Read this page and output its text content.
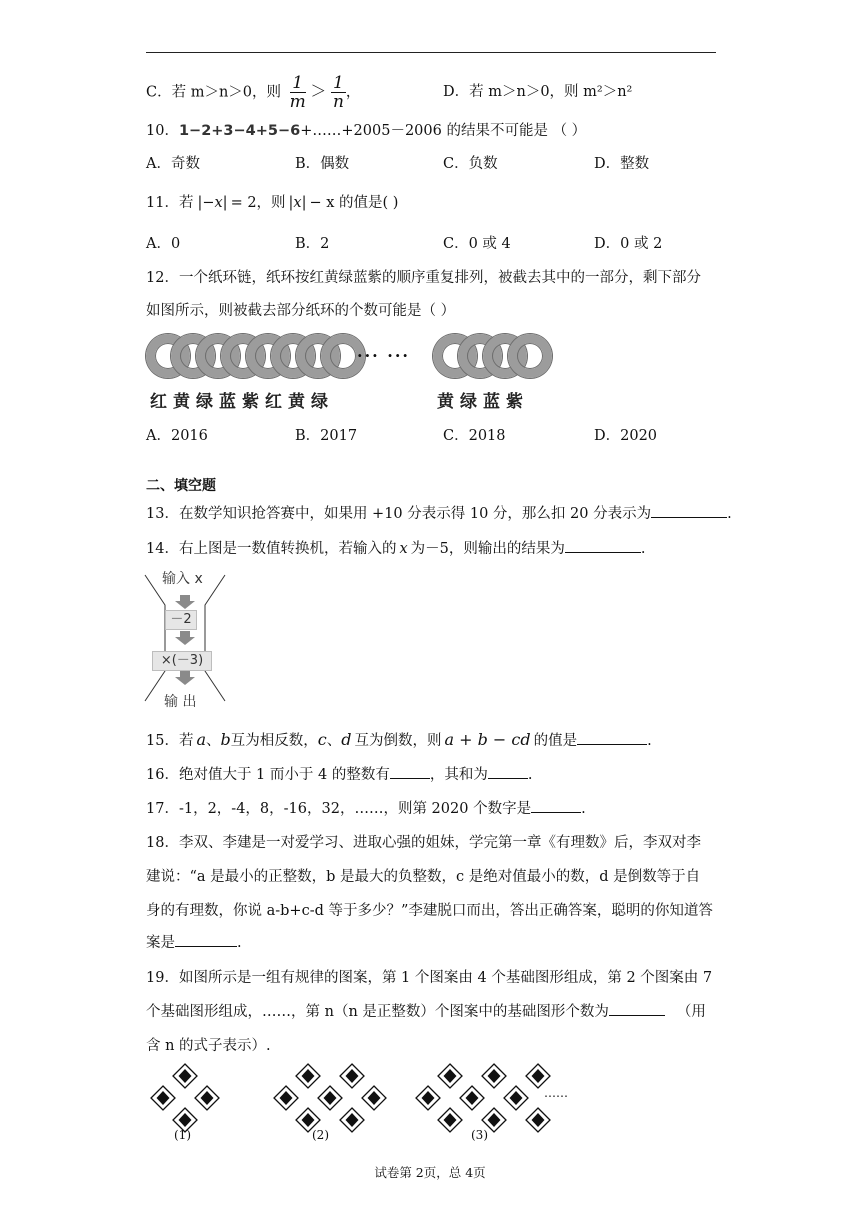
C．若 m＞n＞0，则 $\frac{1}{m} > \frac{1}{n}$ ，	D．若 m＞n＞0，则 m²＞n²
10．1−2+3−4+5−6+……+2005－2006 的结果不可能是 （ ）
A．奇数	B．偶数	C．负数	D．整数
11．若 |−x| = 2，则 |x| − x 的值是( )
A．0	B．2	C．0 或 4	D．0 或 2
12．一个纸环链，纸环按红黄绿蓝紫的顺序重复排列，被截去其中的一部分，剩下部分
如图所示，则被截去部分纸环的个数可能是（ ）
··· ···
红黄绿蓝紫红黄绿	黄绿蓝紫
A．2016	B．2017	C．2018	D．2020
二、填空题
13．在数学知识抢答赛中，如果用 +10 分表示得 10 分，那么扣 20 分表示为	.
14．右上图是一数值转换机，若输入的 x 为－5，则输出的结果为	.
输入 x
－2
×(－3)
输 出
15．若 a、b互为相反数，c、d 互为倒数，则 a + b − cd 的值是	.
16．绝对值大于 1 而小于 4 的整数有	，其和为	.
17．-1，2，-4，8，-16，32，……，则第 2020 个数字是	.
18．李双、李建是一对爱学习、进取心强的姐妹，学完第一章《有理数》后，李双对李
建说：“a 是最小的正整数，b 是最大的负整数，c 是绝对值最小的数，d 是倒数等于自
身的有理数，你说 a-b+c-d 等于多少？”李建脱口而出，答出正确答案，聪明的你知道答
案是	.
19．如图所示是一组有规律的图案，第 1 个图案由 4 个基础图形组成，第 2 个图案由 7
个基础图形组成，……，第 n（n 是正整数）个图案中的基础图形个数为	（用
含 n 的式子表示）.
……
(1)	(2)	(3)
试卷第 2页，总 4页
